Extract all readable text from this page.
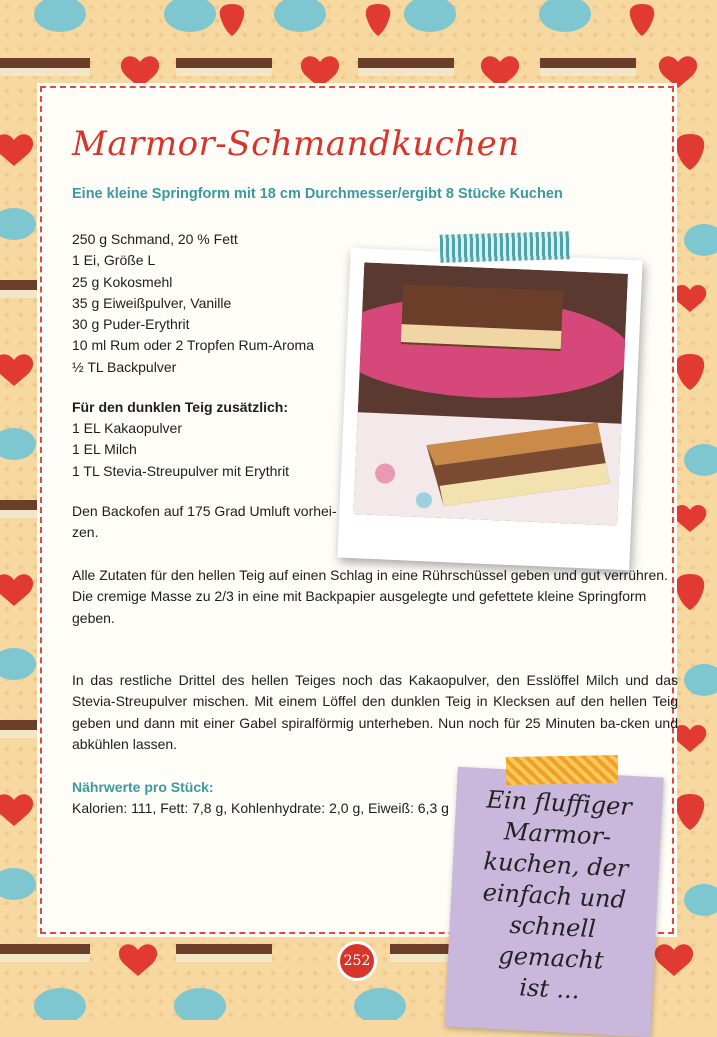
Marmor-Schmandkuchen
Eine kleine Springform mit 18 cm Durchmesser/ergibt 8 Stücke Kuchen
250 g Schmand, 20 % Fett
1 Ei, Größe L
25 g Kokosmehl
35 g Eiweißpulver, Vanille
30 g Puder-Erythrit
10 ml Rum oder 2 Tropfen Rum-Aroma
½ TL Backpulver
Für den dunklen Teig zusätzlich:
1 EL Kakaopulver
1 EL Milch
1 TL Stevia-Streupulver mit Erythrit

Den Backofen auf 175 Grad Umluft vorhei-zen.

Alle Zutaten für den hellen Teig auf einen Schlag in eine Rührschüssel geben und gut verrühren. Die cremige Masse zu 2/3 in eine mit Backpapier ausgelegte und gefettete kleine Springform geben.

In das restliche Drittel des hellen Teiges noch das Kakaopulver, den Esslöffel Milch und das Stevia-Streupulver mischen. Mit einem Löffel den dunklen Teig in Klecksen auf den hellen Teig geben und dann mit einer Gabel spiralförmig unterheben. Nun noch für 25 Minuten ba-cken und abkühlen lassen.

Nährwerte pro Stück:
Kalorien: 111, Fett: 7,8 g, Kohlenhydrate: 2,0 g, Eiweiß: 6,3 g	Ein fluffiger
Marmor-
kuchen, der
einfach und
schnell gemacht
ist ...
252
